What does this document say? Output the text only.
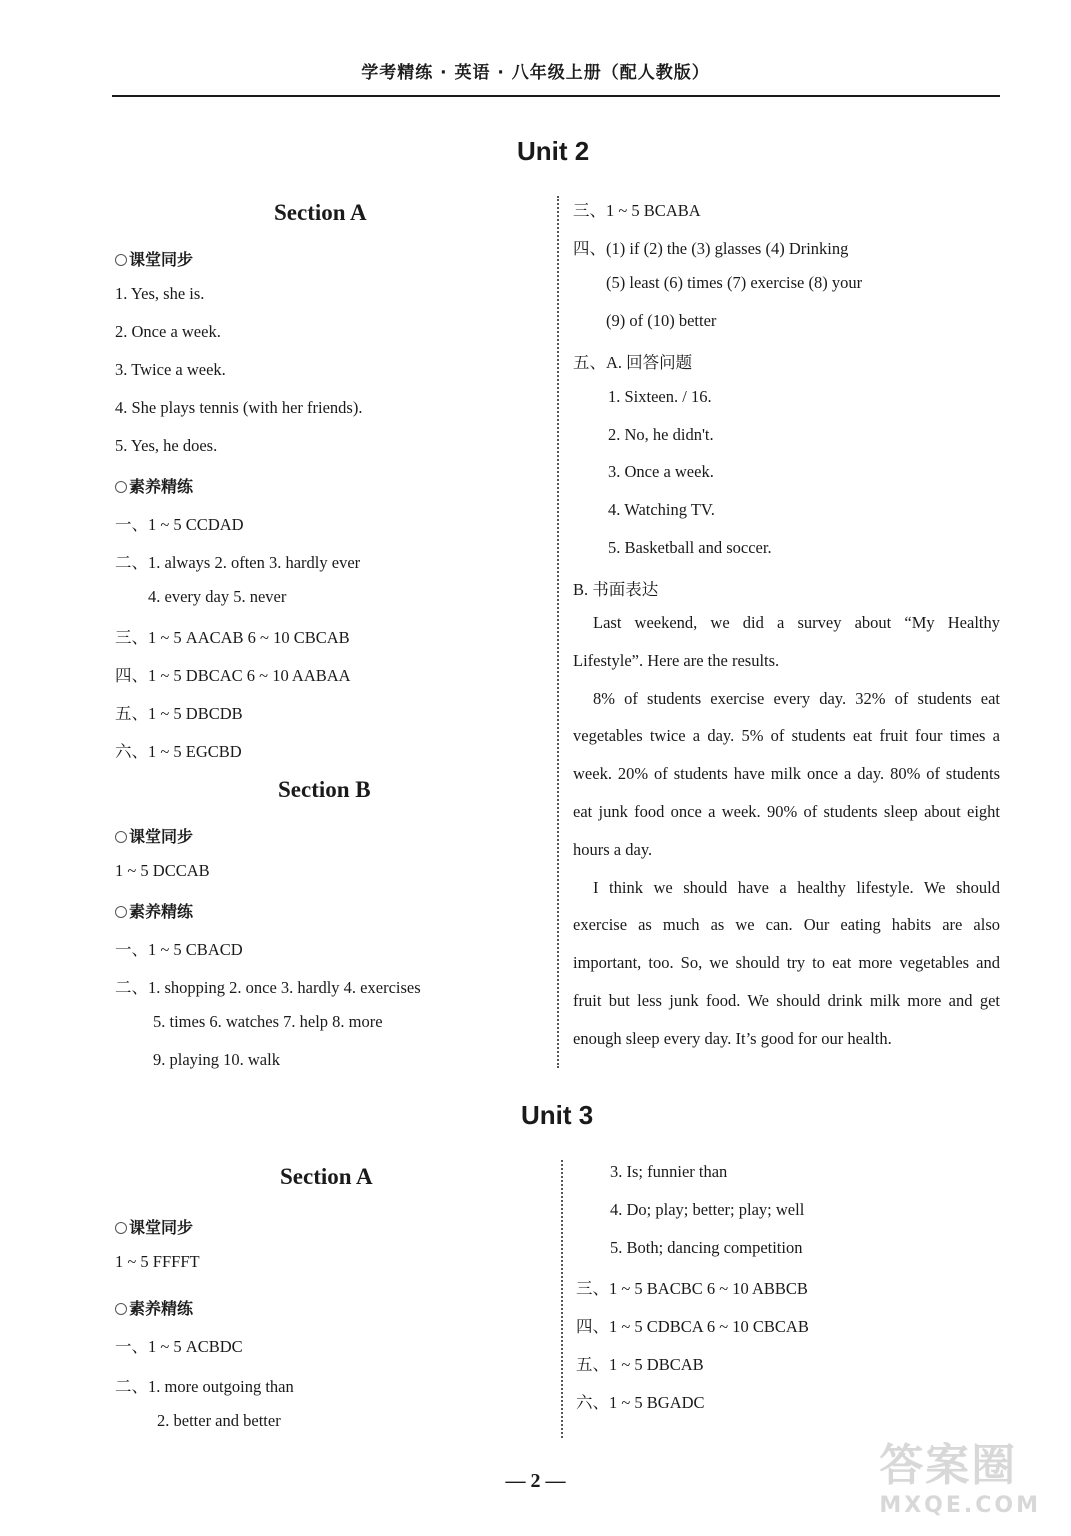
学考精练 · 英语 · 八年级上册（配人教版）
Unit 2
Section A
课堂同步
1. Yes, she is.
2. Once a week.
3. Twice a week.
4. She plays tennis (with her friends).
5. Yes, he does.
素养精练
一、1 ~ 5 CCDAD
二、1. always 2. often 3. hardly ever
4. every day 5. never
三、1 ~ 5 AACAB 6 ~ 10 CBCAB
四、1 ~ 5 DBCAC 6 ~ 10 AABAA
五、1 ~ 5 DBCDB
六、1 ~ 5 EGCBD
Section B
课堂同步
1 ~ 5 DCCAB
素养精练
一、1 ~ 5 CBACD
二、1. shopping 2. once 3. hardly 4. exercises
5. times 6. watches 7. help 8. more
9. playing 10. walk
三、1 ~ 5 BCABA
四、(1) if (2) the (3) glasses (4) Drinking
(5) least (6) times (7) exercise (8) your
(9) of (10) better
五、A. 回答问题
1. Sixteen. / 16.
2. No, he didn't.
3. Once a week.
4. Watching TV.
5. Basketball and soccer.
B. 书面表达

Last weekend, we did a survey about “My Healthy Lifestyle”. Here are the results.

8% of students exercise every day. 32% of students eat vegetables twice a day. 5% of students eat fruit four times a week. 20% of students have milk once a day. 80% of students eat junk food once a week. 90% of students sleep about eight hours a day.

I think we should have a healthy lifestyle. We should exercise as much as we can. Our eating habits are also important, too. So, we should try to eat more vegetables and fruit but less junk food. We should drink milk more and get enough sleep every day. It’s good for our health.

Unit 3
Section A
课堂同步
1 ~ 5 FFFFT
素养精练
一、1 ~ 5 ACBDC
二、1. more outgoing than
2. better and better
3. Is; funnier than
4. Do; play; better; play; well
5. Both; dancing competition
三、1 ~ 5 BACBC 6 ~ 10 ABBCB
四、1 ~ 5 CDBCA 6 ~ 10 CBCAB
五、1 ~ 5 DBCAB
六、1 ~ 5 BGADC
— 2 —	答案圈
MXQE.COM
